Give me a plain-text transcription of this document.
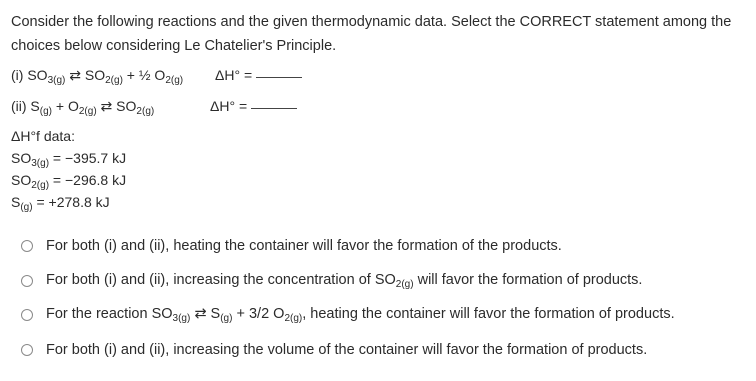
Consider the following reactions and the given thermodynamic data. Select the CORRECT statement among the choices below considering Le Chatelier's Principle.
(i) $SO_{3(g)}$ ⇄ $SO_{2(g)}$ + ½ $O_{2(g)}$ ΔH° =
(ii) $S_{(g)} + O_{2(g)}$ ⇄ $SO_{2(g)}$	ΔH° =
ΔH°f data:
$SO_{3(g)} = -395.7$ kJ
$SO_{2(g)} = -296.8$ kJ
$S_{(g)} = +278.8$ kJ
For both (i) and (ii), heating the container will favor the formation of the products.
For both (i) and (ii), increasing the concentration of $SO_{2(g)}$ will favor the formation of products.
For the reaction $SO_{3(g)}$ ⇄ $S_{(g)} + 3/2$ $O_{2(g)}$, heating the container will favor the formation of products.
For both (i) and (ii), increasing the volume of the container will favor the formation of products.
